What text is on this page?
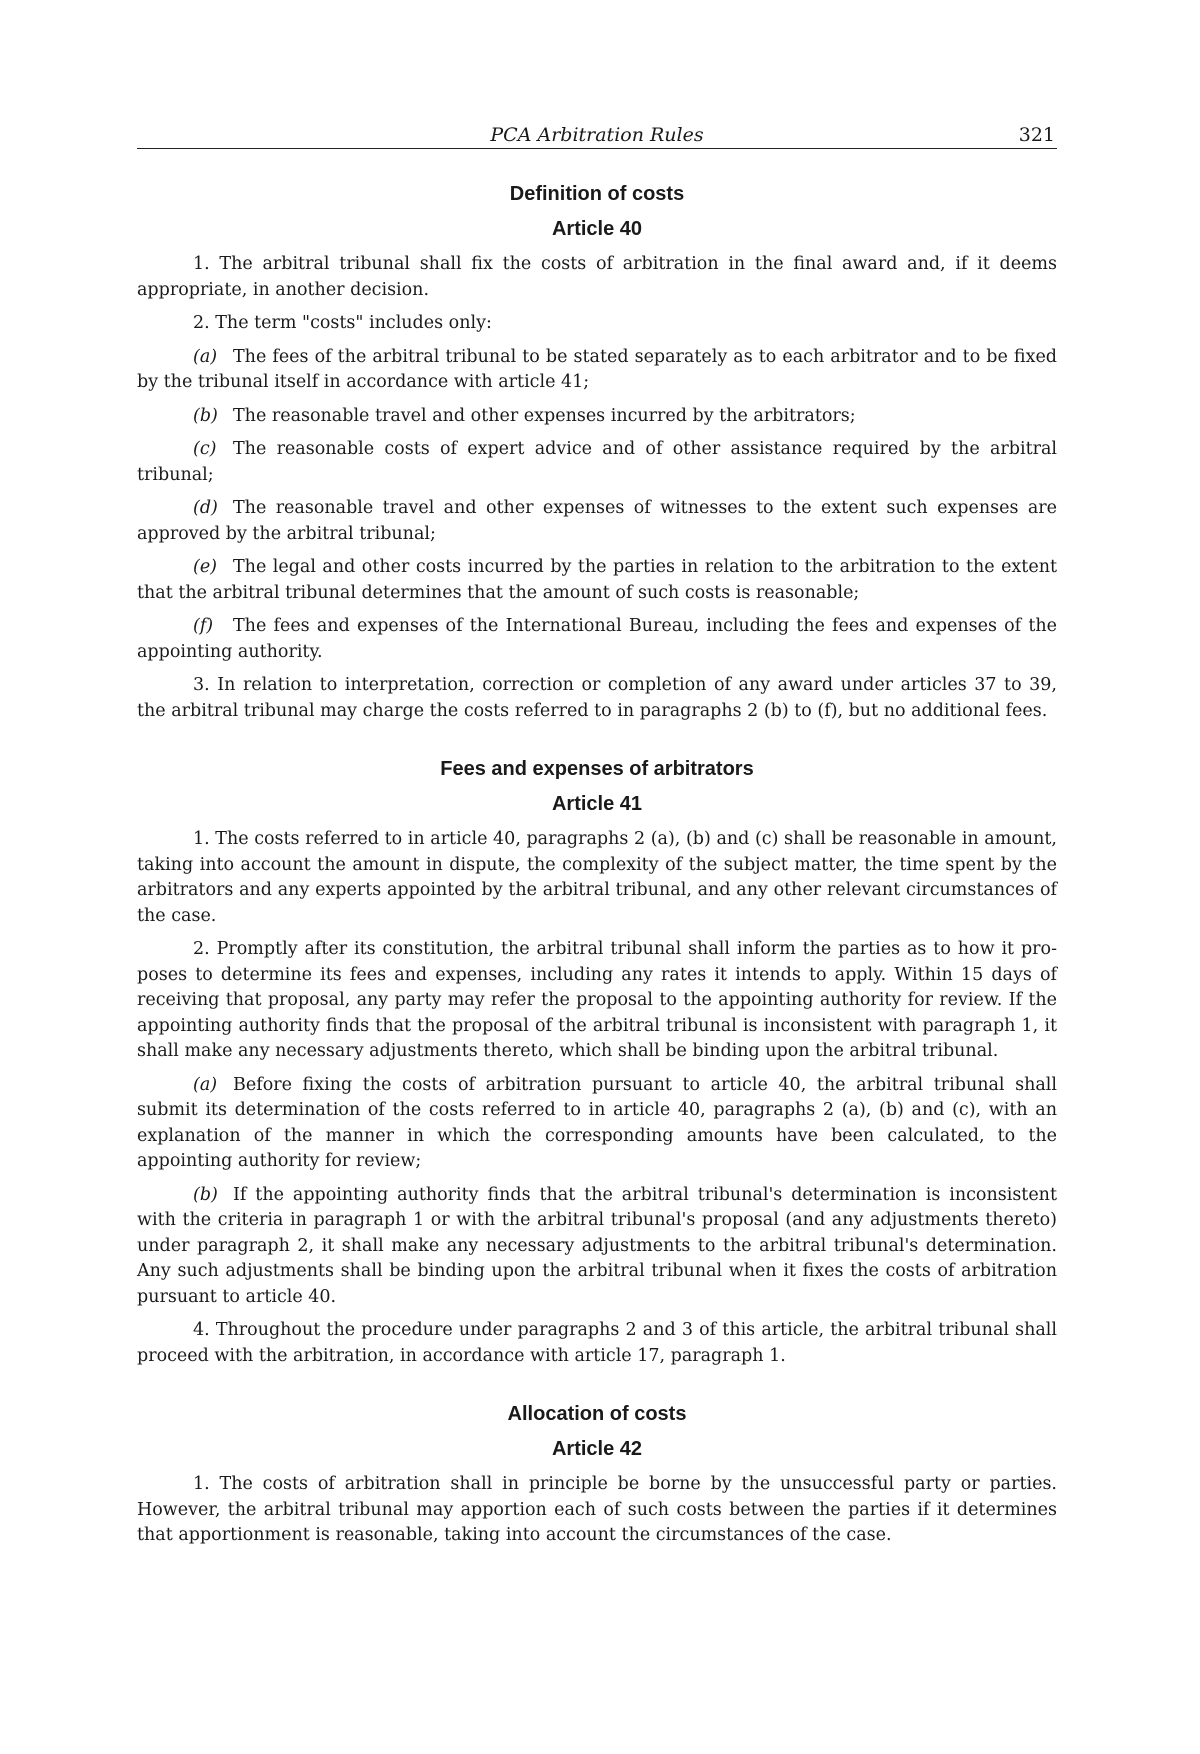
PCA Arbitration Rules	321
Definition of costs
Article 40

1. The arbitral tribunal shall fix the costs of arbitration in the final award and, if it deems appropriate, in another decision.

2. The term "costs" includes only:

(a) The fees of the arbitral tribunal to be stated separately as to each arbitrator and to be fixed by the tribunal itself in accordance with article 41;

(b) The reasonable travel and other expenses incurred by the arbitrators;

(c) The reasonable costs of expert advice and of other assistance required by the arbitral tribunal;

(d) The reasonable travel and other expenses of witnesses to the extent such expenses are approved by the arbitral tribunal;

(e) The legal and other costs incurred by the parties in relation to the arbitration to the extent that the arbitral tribunal determines that the amount of such costs is reasonable;

(f) The fees and expenses of the International Bureau, including the fees and expenses of the appointing authority.

3. In relation to interpretation, correction or completion of any award under articles 37 to 39, the arbitral tribunal may charge the costs referred to in paragraphs 2 (b) to (f), but no additional fees.

Fees and expenses of arbitrators
Article 41

1. The costs referred to in article 40, paragraphs 2 (a), (b) and (c) shall be reasonable in amount, taking into account the amount in dispute, the complexity of the subject matter, the time spent by the arbitrators and any experts appointed by the arbitral tribunal, and any other relevant circumstances of the case.

2. Promptly after its constitution, the arbitral tribunal shall inform the parties as to how it proposes to determine its fees and expenses, including any rates it intends to apply. Within 15 days of receiving that proposal, any party may refer the proposal to the appointing authority for review. If the appointing authority finds that the proposal of the arbitral tribunal is inconsistent with paragraph 1, it shall make any necessary adjustments thereto, which shall be binding upon the arbitral tribunal.

(a) Before fixing the costs of arbitration pursuant to article 40, the arbitral tribunal shall submit its determination of the costs referred to in article 40, paragraphs 2 (a), (b) and (c), with an explanation of the manner in which the corresponding amounts have been calculated, to the appointing authority for review;

(b) If the appointing authority finds that the arbitral tribunal's determination is inconsistent with the criteria in paragraph 1 or with the arbitral tribunal's proposal (and any adjustments thereto) under paragraph 2, it shall make any necessary adjustments to the arbitral tribunal's determination. Any such adjustments shall be binding upon the arbitral tribunal when it fixes the costs of arbitration pursuant to article 40.

4. Throughout the procedure under paragraphs 2 and 3 of this article, the arbitral tribunal shall proceed with the arbitration, in accordance with article 17, paragraph 1.

Allocation of costs
Article 42

1. The costs of arbitration shall in principle be borne by the unsuccessful party or parties. However, the arbitral tribunal may apportion each of such costs between the parties if it determines that apportionment is reasonable, taking into account the circumstances of the case.
